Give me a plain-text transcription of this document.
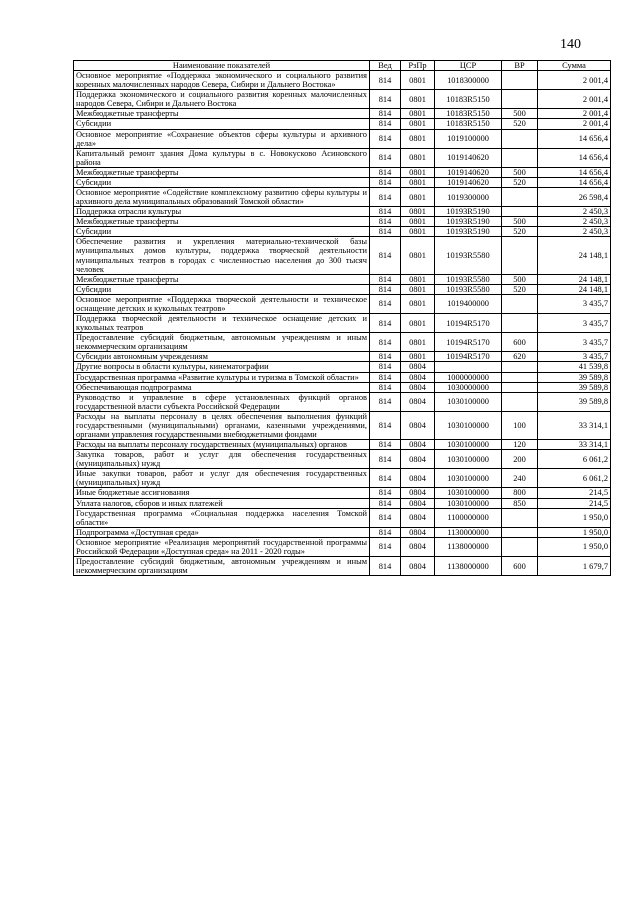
140
Наименование показателей	Вед	РзПр	ЦСР	ВР	Сумма
Основное мероприятие «Поддержка экономического и социального развития коренных малочисленных народов Севера, Сибири и Дальнего Востока»	814	0801	1018300000		2 001,4
Поддержка экономического и социального развития коренных малочисленных народов Севера, Сибири и Дальнего Востока	814	0801	10183R5150		2 001,4
Межбюджетные трансферты	814	0801	10183R5150	500	2 001,4
Субсидии	814	0801	10183R5150	520	2 001,4
Основное мероприятие «Сохранение объектов сферы культуры и архивного дела»	814	0801	1019100000		14 656,4
Капитальный ремонт здания Дома культуры в с. Новокусково Асиновского района	814	0801	1019140620		14 656,4
Межбюджетные трансферты	814	0801	1019140620	500	14 656,4
Субсидии	814	0801	1019140620	520	14 656,4
Основное мероприятие «Содействие комплексному развитию сферы культуры и архивного дела муниципальных образований Томской области»	814	0801	1019300000		26 598,4
Поддержка отрасли культуры	814	0801	10193R5190		2 450,3
Межбюджетные трансферты	814	0801	10193R5190	500	2 450,3
Субсидии	814	0801	10193R5190	520	2 450,3
Обеспечение развития и укрепления материально-технической базы муниципальных домов культуры, поддержка творческой деятельности муниципальных театров в городах с численностью населения до 300 тысяч человек	814	0801	10193R5580		24 148,1
Межбюджетные трансферты	814	0801	10193R5580	500	24 148,1
Субсидии	814	0801	10193R5580	520	24 148,1
Основное мероприятие «Поддержка творческой деятельности и техническое оснащение детских и кукольных театров»	814	0801	1019400000		3 435,7
Поддержка творческой деятельности и техническое оснащение детских и кукольных театров	814	0801	10194R5170		3 435,7
Предоставление субсидий бюджетным, автономным учреждениям и иным некоммерческим организациям	814	0801	10194R5170	600	3 435,7
Субсидии автономным учреждениям	814	0801	10194R5170	620	3 435,7
Другие вопросы в области культуры, кинематографии	814	0804			41 539,8
Государственная программа «Развитие культуры и туризма в Томской области»	814	0804	1000000000		39 589,8
Обеспечивающая подпрограмма	814	0804	1030000000		39 589,8
Руководство и управление в сфере установленных функций органов государственной власти субъекта Российской Федерации	814	0804	1030100000		39 589,8
Расходы на выплаты персоналу в целях обеспечения выполнения функций государственными (муниципальными) органами, казенными учреждениями, органами управления государственными внебюджетными фондами	814	0804	1030100000	100	33 314,1
Расходы на выплаты персоналу государственных (муниципальных) органов	814	0804	1030100000	120	33 314,1
Закупка товаров, работ и услуг для обеспечения государственных (муниципальных) нужд	814	0804	1030100000	200	6 061,2
Иные закупки товаров, работ и услуг для обеспечения государственных (муниципальных) нужд	814	0804	1030100000	240	6 061,2
Иные бюджетные ассигнования	814	0804	1030100000	800	214,5
Уплата налогов, сборов и иных платежей	814	0804	1030100000	850	214,5
Государственная программа «Социальная поддержка населения Томской области»	814	0804	1100000000		1 950,0
Подпрограмма «Доступная среда»	814	0804	1130000000		1 950,0
Основное мероприятие «Реализация мероприятий государственной программы Российской Федерации «Доступная среда» на 2011 - 2020 годы»	814	0804	1138000000		1 950,0
Предоставление субсидий бюджетным, автономным учреждениям и иным некоммерческим организациям	814	0804	1138000000	600	1 679,7
